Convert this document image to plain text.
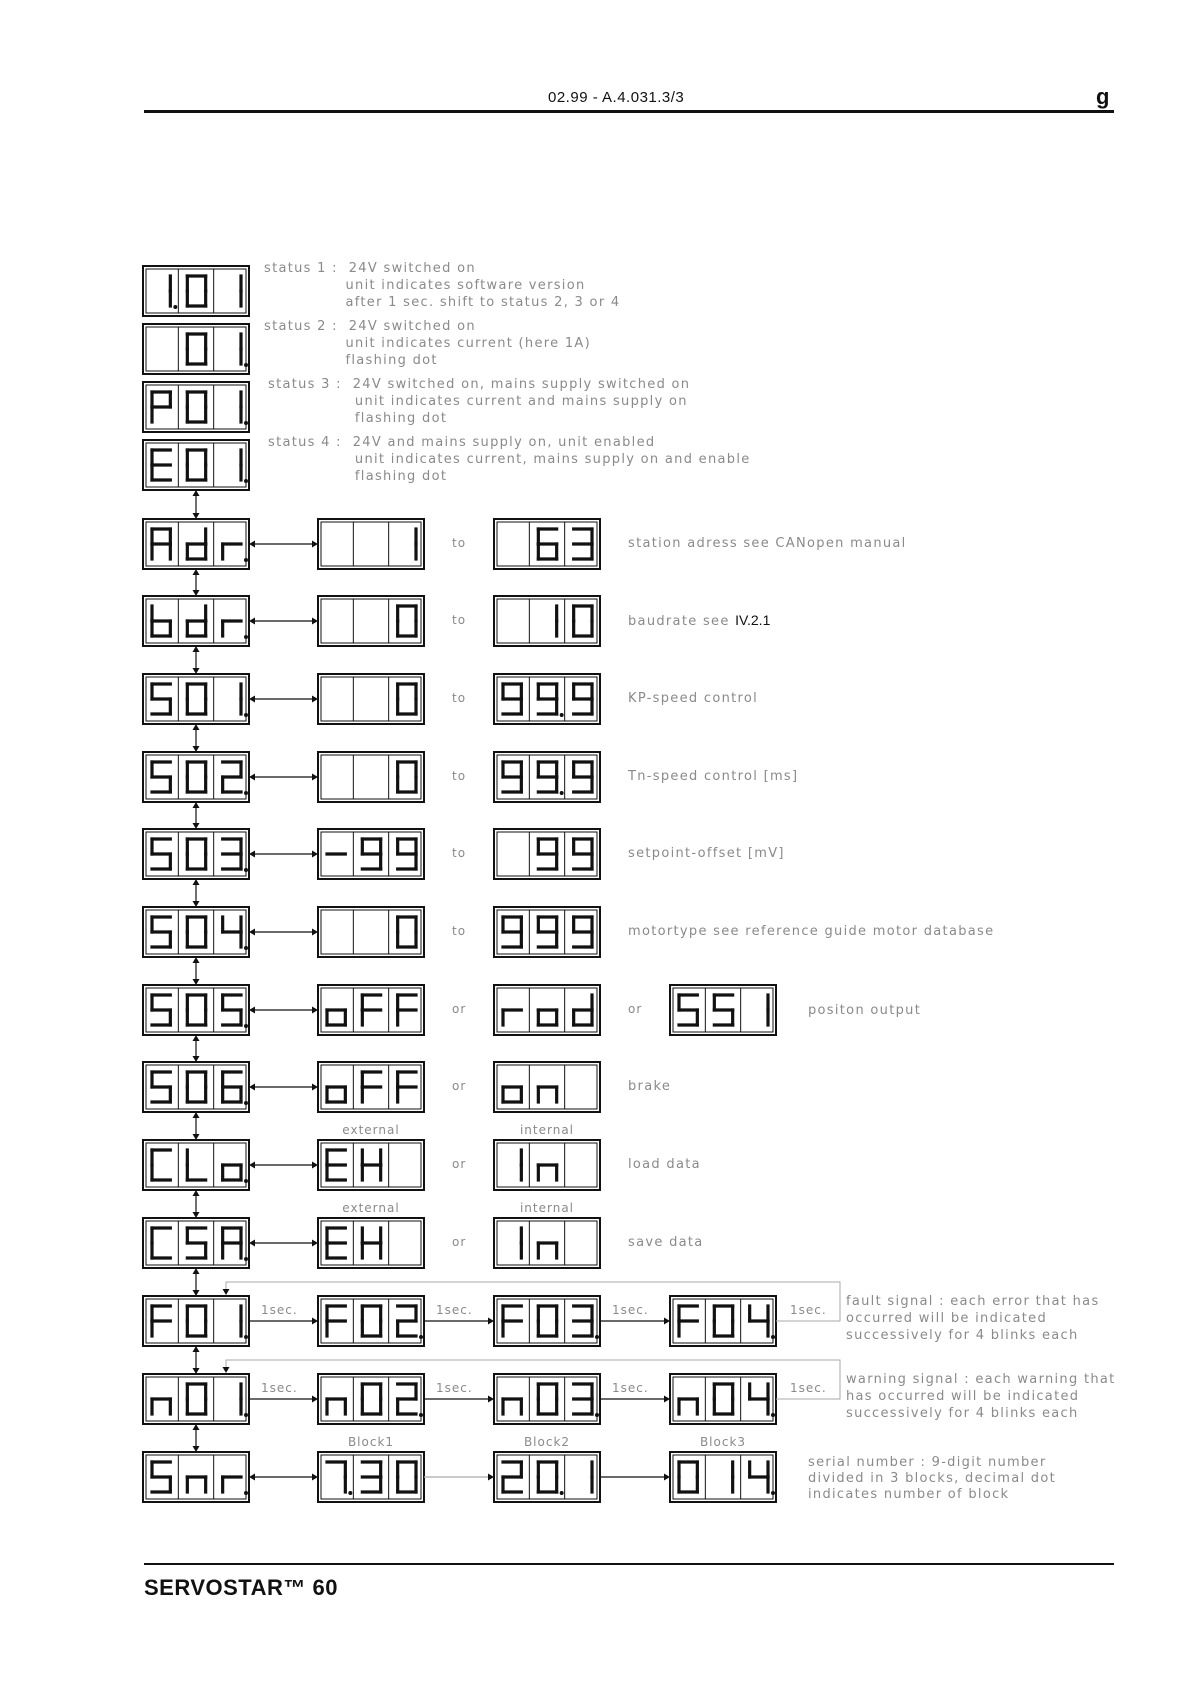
02.99 - A.4.031.3/3	g
status 1 :  24V switched on
unit indicates software version
after 1 sec. shift to status 2, 3 or 4
status 2 :  24V switched on
unit indicates current (here 1A)
flashing dot
status 3 :  24V switched on, mains supply switched on
unit indicates current and mains supply on
flashing dot
status 4 :  24V and mains supply on, unit enabled
unit indicates current, mains supply on and enable
flashing dot
to	station adress see CANopen manual
to	baudrate see IV.2.1
to	KP-speed control
to	Tn-speed control [ms]
to	setpoint-offset [mV]
to	motortype see reference guide motor database
or	or	positon output
or	brake
or	load data
external	internal
or	save data
external	internal
1sec.	1sec.	1sec.	1sec.
fault signal : each error that has
occurred will be indicated
successively for 4 blinks each
1sec.	1sec.	1sec.	1sec.
warning signal : each warning that
has occurred will be indicated
successively for 4 blinks each
Block1	Block2	Block3
serial number : 9-digit number
divided in 3 blocks, decimal dot
indicates number of block
SERVOSTAR™ 60
